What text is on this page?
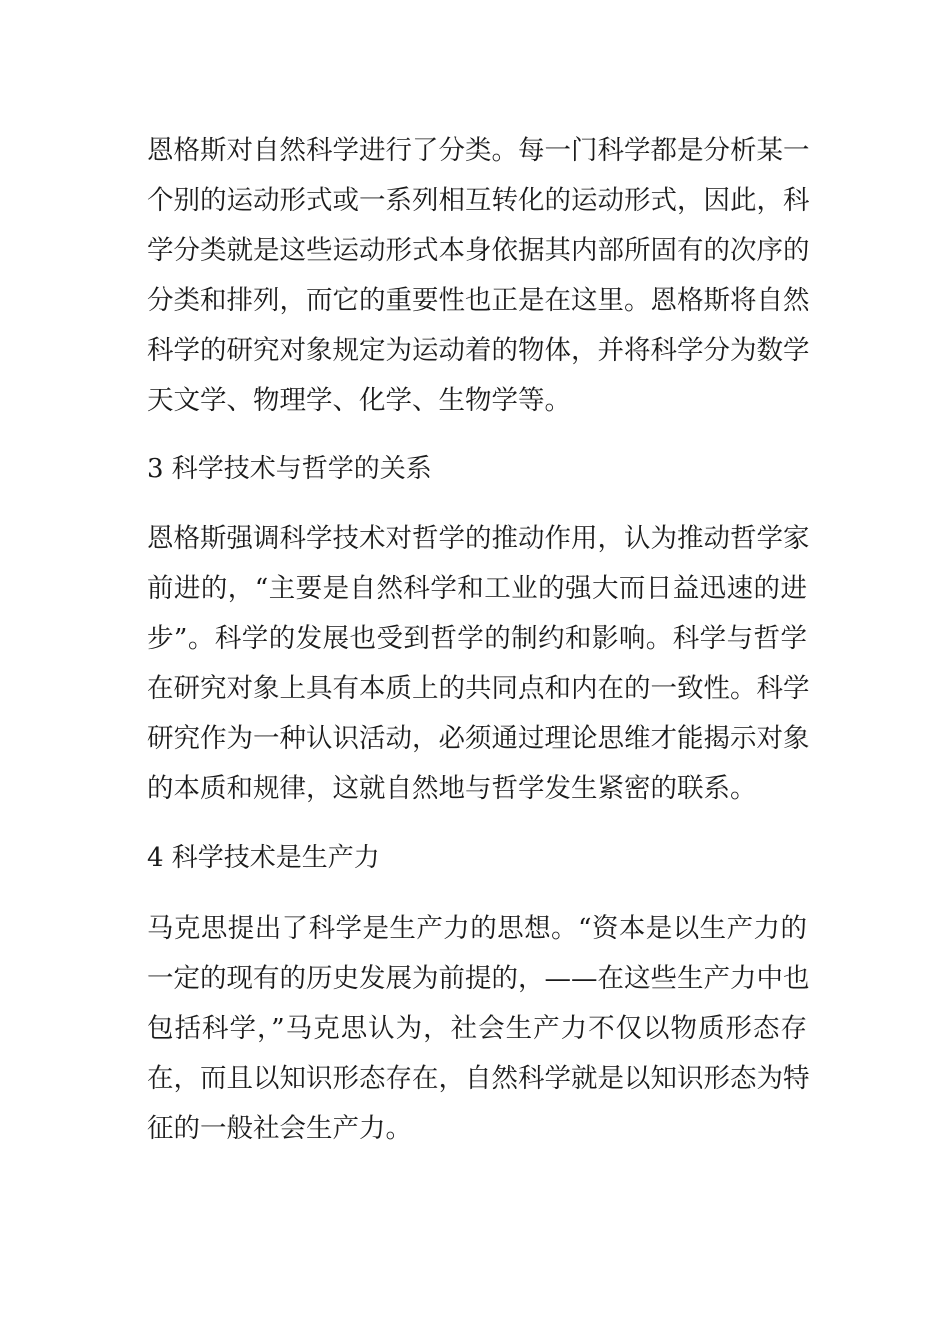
恩格斯对自然科学进行了分类。每一门科学都是分析某一
个别的运动形式或一系列相互转化的运动形式，因此，科
学分类就是这些运动形式本身依据其内部所固有的次序的
分类和排列，而它的重要性也正是在这里。恩格斯将自然
科学的研究对象规定为运动着的物体，并将科学分为数学
天文学、物理学、化学、生物学等。
3 科学技术与哲学的关系
恩格斯强调科学技术对哲学的推动作用，认为推动哲学家
前进的，“主要是自然科学和工业的强大而日益迅速的进
步”。科学的发展也受到哲学的制约和影响。科学与哲学
在研究对象上具有本质上的共同点和内在的一致性。科学
研究作为一种认识活动，必须通过理论思维才能揭示对象
的本质和规律，这就自然地与哲学发生紧密的联系。
4 科学技术是生产力
马克思提出了科学是生产力的思想。“资本是以生产力的
一定的现有的历史发展为前提的，——在这些生产力中也
包括科学，”马克思认为，社会生产力不仅以物质形态存
在，而且以知识形态存在，自然科学就是以知识形态为特
征的一般社会生产力。
